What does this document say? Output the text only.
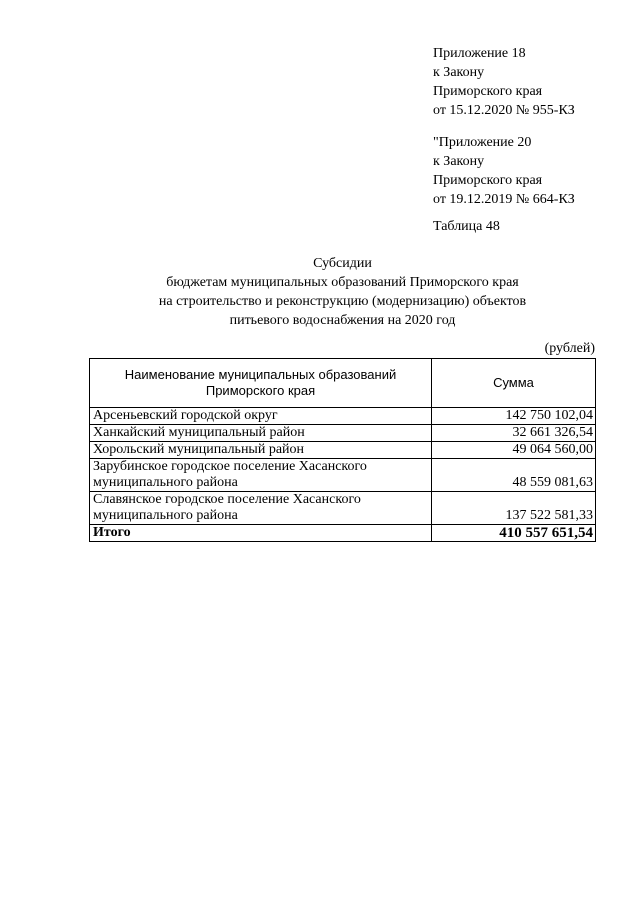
Приложение 18
к Закону
Приморского края
от 15.12.2020 № 955-КЗ
"Приложение 20
к Закону
Приморского края
от 19.12.2019 № 664-КЗ
Таблица 48
Субсидии
бюджетам муниципальных образований Приморского края
на строительство и реконструкцию (модернизацию) объектов
питьевого водоснабжения на 2020 год
(рублей)
Наименование муниципальных образований
Приморского края	Сумма

Арсеньевский городской округ	142 750 102,04

Ханкайский муниципальный район	32 661 326,54

Хорольский муниципальный район	49 064 560,00

Зарубинское городское поселение Хасанского
муниципального района	48 559 081,63

Славянское городское поселение Хасанского
муниципального района	137 522 581,33
Итого	410 557 651,54
